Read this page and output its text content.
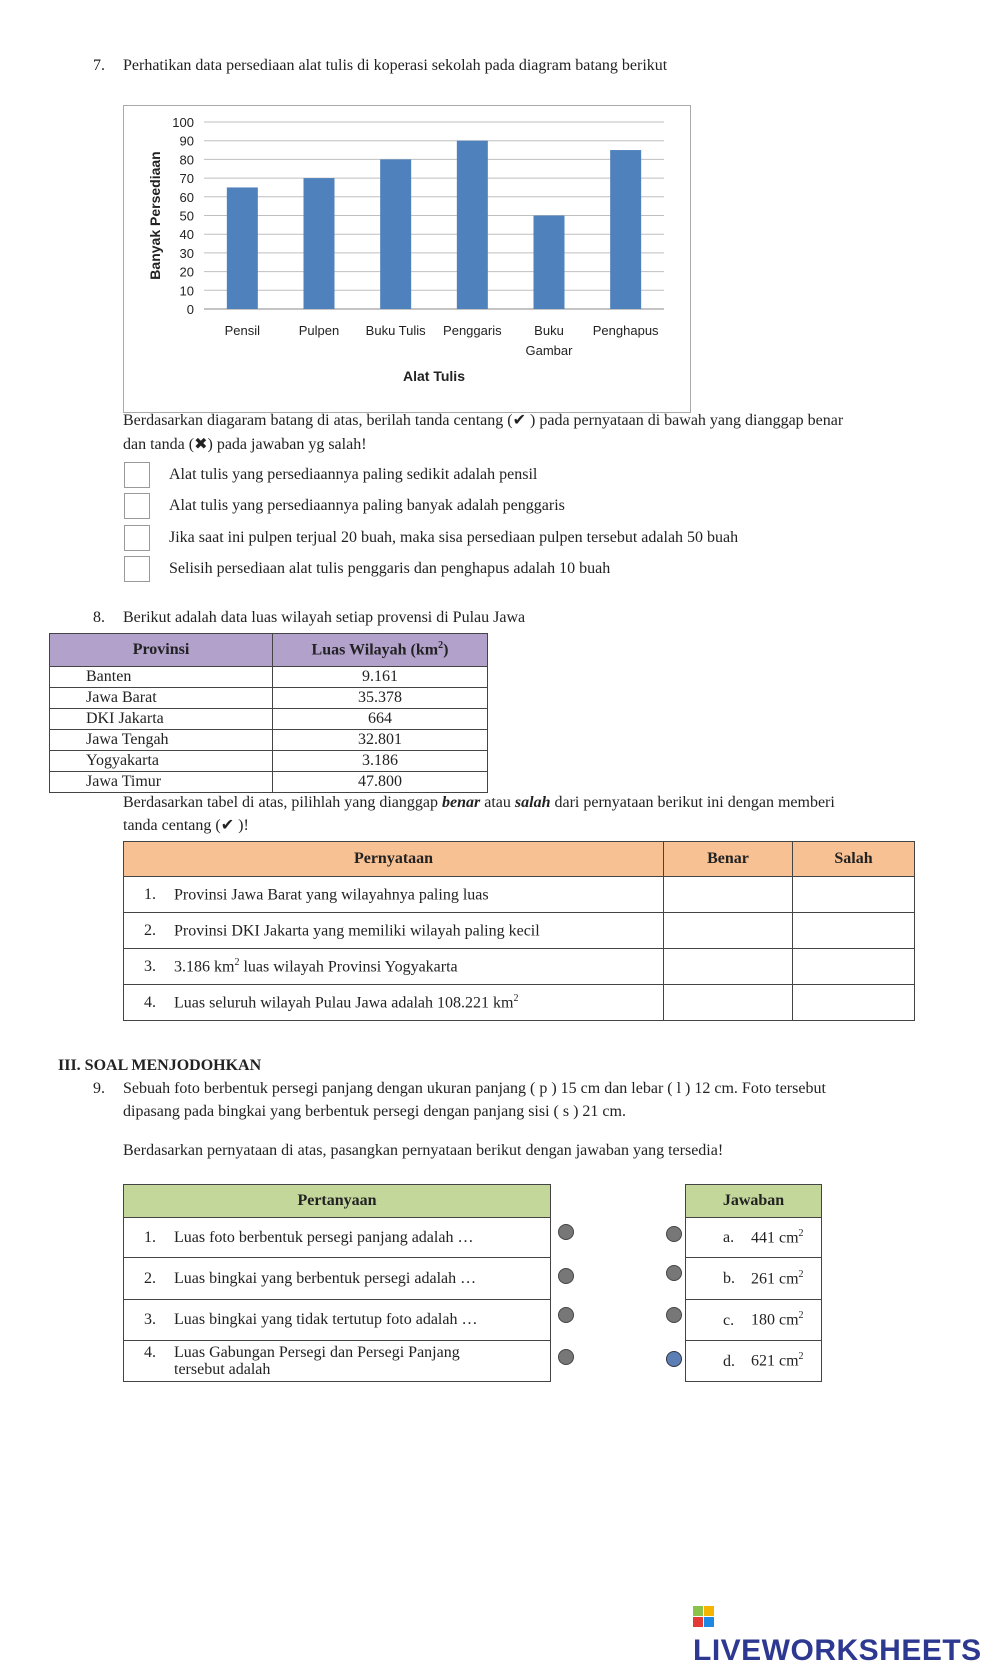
7. Perhatikan data persediaan alat tulis di koperasi sekolah pada diagram batang berikut
0
10
20
30
40
50
60
70
80
90
100
Pensil	Pulpen Buku Tulis Penggaris	Buku
Gambar
Penghapus
Banyak Persediaan
Alat Tulis
Berdasarkan diagaram batang di atas, berilah tanda centang (✔ ) pada pernyataan di bawah yang dianggap benar
dan tanda (✖) pada jawaban yg salah!
Alat tulis yang persediaannya paling sedikit adalah pensil
Alat tulis yang persediaannya paling banyak adalah penggaris
Jika saat ini pulpen terjual 20 buah, maka sisa persediaan pulpen tersebut adalah 50 buah
Selisih persediaan alat tulis penggaris dan penghapus adalah 10 buah
8. Berikut adalah data luas wilayah setiap provensi di Pulau Jawa
Provinsi	Luas Wilayah $(km^2)$
Banten	9.161
Jawa Barat	35.378
DKI Jakarta	664
Jawa Tengah	32.801
Yogyakarta	3.186
Jawa Timur	47.800
Berdasarkan tabel di atas, pilihlah yang dianggap benar atau salah dari pernyataan berikut ini dengan memberi
tanda centang (✔ )!
Pernyataan	Benar	Salah
1. Provinsi Jawa Barat yang wilayahnya paling luas		
2. Provinsi DKI Jakarta yang memiliki wilayah paling kecil		
3. 3.186 $km^2$ luas wilayah Provinsi Yogyakarta		
4. Luas seluruh wilayah Pulau Jawa adalah 108.221 $km^2$		
III. SOAL MENJODOHKAN
9. Sebuah foto berbentuk persegi panjang dengan ukuran panjang ( p ) 15 cm dan lebar ( l ) 12 cm. Foto tersebut
dipasang pada bingkai yang berbentuk persegi dengan panjang sisi ( s ) 21 cm.
Berdasarkan pernyataan di atas, pasangkan pernyataan berikut dengan jawaban yang tersedia!
Pertanyaan
1. Luas foto berbentuk persegi panjang adalah …
2. Luas bingkai yang berbentuk persegi adalah …
3. Luas bingkai yang tidak tertutup foto adalah …
4. Luas Gabungan Persegi dan Persegi Panjang
tersebut adalah
Jawaban
a. 441 $cm^2$
b. 261 $cm^2$
c. 180 $cm^2$
d. 621 $cm^2$
LIVEWORKSHEETS
